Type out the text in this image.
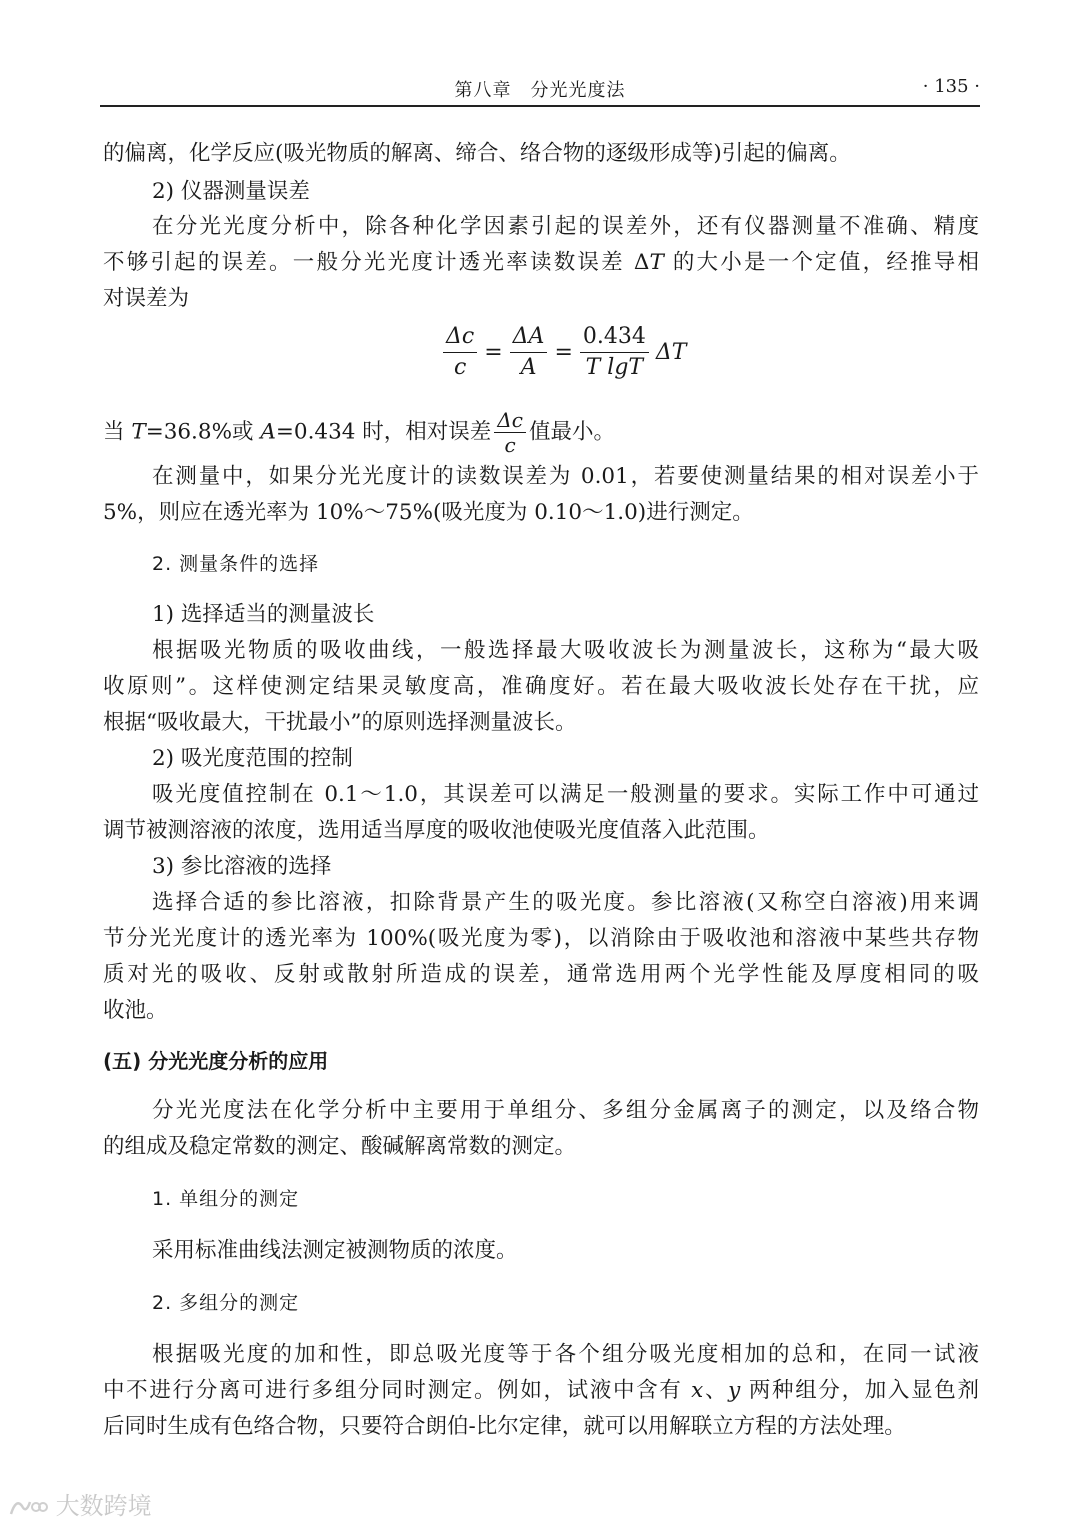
第八章　分光光度法	· 135 ·
的偏离，化学反应(吸光物质的解离、缔合、络合物的逐级形成等)引起的偏离。
2) 仪器测量误差
在分光光度分析中，除各种化学因素引起的误差外，还有仪器测量不准确、精度
不够引起的误差。一般分光光度计透光率读数误差 ΔT 的大小是一个定值，经推导相
对误差为
$\frac{\Delta c}{c} = \frac{\Delta A}{A} = \frac{0.434}{\text{T lgT}}$ ΔT
当 T=36.8%或 A=0.434 时，相对误差 $\frac{\Delta c}{c}$ 值最小。
在测量中，如果分光光度计的读数误差为 0.01，若要使测量结果的相对误差小于
5%，则应在透光率为 10%～75%(吸光度为 0.10～1.0)进行测定。
2. 测量条件的选择
1) 选择适当的测量波长
根据吸光物质的吸收曲线，一般选择最大吸收波长为测量波长，这称为“最大吸
收原则”。这样使测定结果灵敏度高，准确度好。若在最大吸收波长处存在干扰，应
根据“吸收最大，干扰最小”的原则选择测量波长。
2) 吸光度范围的控制
吸光度值控制在 0.1～1.0，其误差可以满足一般测量的要求。实际工作中可通过
调节被测溶液的浓度，选用适当厚度的吸收池使吸光度值落入此范围。
3) 参比溶液的选择
选择合适的参比溶液，扣除背景产生的吸光度。参比溶液(又称空白溶液)用来调
节分光光度计的透光率为 100%(吸光度为零)，以消除由于吸收池和溶液中某些共存物
质对光的吸收、反射或散射所造成的误差，通常选用两个光学性能及厚度相同的吸
收池。
(五) 分光光度分析的应用
分光光度法在化学分析中主要用于单组分、多组分金属离子的测定，以及络合物
的组成及稳定常数的测定、酸碱解离常数的测定。
1. 单组分的测定
采用标准曲线法测定被测物质的浓度。
2. 多组分的测定
根据吸光度的加和性，即总吸光度等于各个组分吸光度相加的总和，在同一试液
中不进行分离可进行多组分同时测定。例如，试液中含有 x、y 两种组分，加入显色剂
后同时生成有色络合物，只要符合朗伯-比尔定律，就可以用解联立方程的方法处理。
大数跨境
